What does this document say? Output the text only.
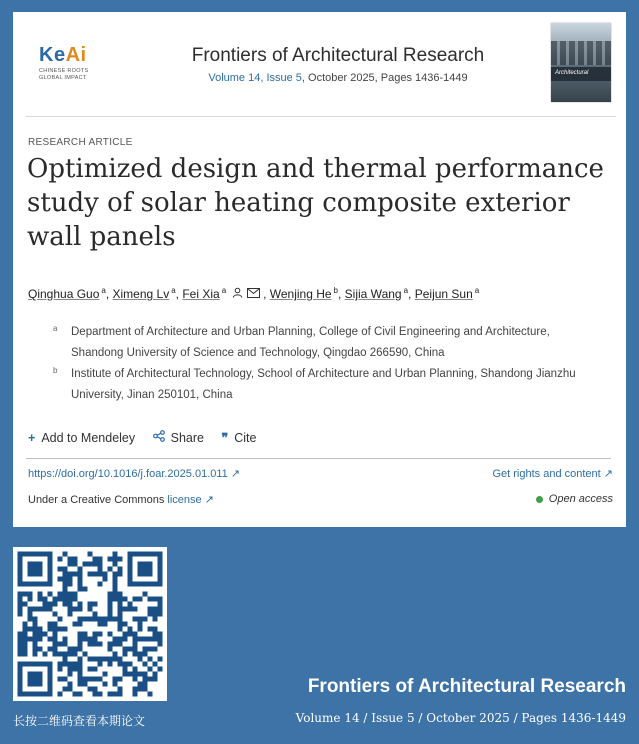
KeAi
CHINESE ROOTS
GLOBAL IMPACT
Frontiers of Architectural Research
Volume 14, Issue 5, October 2025, Pages 1436-1449	Architectural
RESEARCH ARTICLE
Optimized design and thermal performance study of solar heating composite exterior wall panels
Qinghua Guo $^a$, Ximeng Lv $^a$, Fei Xia $^a$	, Wenjing He $^b$, Sijia Wang $^a$, Peijun Sun $^a$
a Department of Architecture and Urban Planning, College of Civil Engineering and Architecture, Shandong University of Science and Technology, Qingdao 266590, China
b Institute of Architectural Technology, School of Architecture and Urban Planning, Shandong Jianzhu University, Jinan 250101, China
+ Add to Mendeley	Share ❞ Cite
https://doi.org/10.1016/j.foar.2025.01.011 ↗	Get rights and content ↗
Under a Creative Commons license ↗	Open access
长按二维码查看本期论文
Frontiers of Architectural Research
Volume 14 / Issue 5 / October 2025 / Pages 1436-1449
